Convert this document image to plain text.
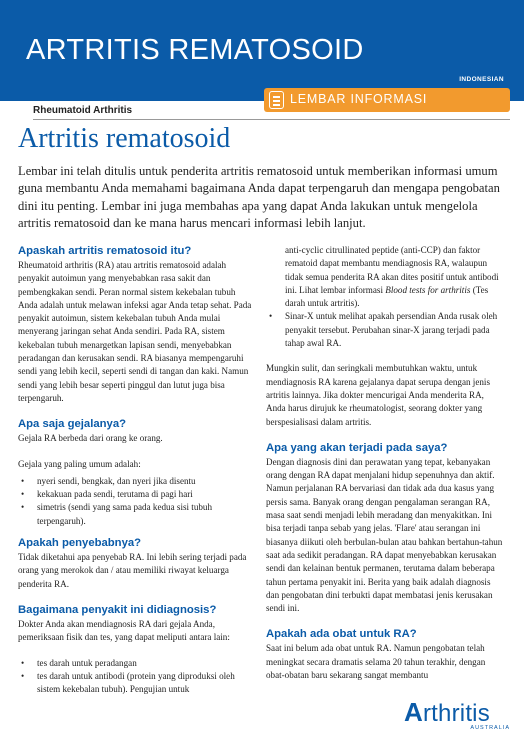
ARTRITIS REMATOSOID
INDONESIAN
LEMBAR INFORMASI
Rheumatoid Arthritis
Artritis rematosoid

Lembar ini telah ditulis untuk penderita artritis rematosoid untuk memberikan informasi umum guna membantu Anda memahami bagaimana Anda dapat terpengaruh dan mengapa pengobatan dini itu penting. Lembar ini juga membahas apa yang dapat Anda lakukan untuk mengelola artritis rematosoid dan ke mana harus mencari informasi lebih lanjut.

Apaskah artritis rematosoid itu?

Rheumatoid arthritis (RA) atau artritis rematosoid adalah penyakit autoimun yang menyebabkan rasa sakit dan pembengkakan sendi. Peran normal sistem kekebalan tubuh Anda adalah untuk melawan infeksi agar Anda tetap sehat. Pada penyakit autoimun, sistem kekebalan tubuh Anda mulai menyerang jaringan sehat Anda sendiri. Pada RA, sistem kekebalan tubuh menargetkan lapisan sendi, menyebabkan peradangan dan kerusakan sendi. RA biasanya mempengaruhi sendi yang lebih kecil, seperti sendi di tangan dan kaki. Namun sendi yang lebih besar seperti pinggul dan lutut juga bisa terpengaruh.

Apa saja gejalanya?

Gejala RA berbeda dari orang ke orang.

Gejala yang paling umum adalah:

• nyeri sendi, bengkak, dan nyeri jika disentu
• kekakuan pada sendi, terutama di pagi hari
• simetris (sendi yang sama pada kedua sisi tubuh terpengaruh).
Apakah penyebabnya?

Tidak diketahui apa penyebab RA. Ini lebih sering terjadi pada orang yang merokok dan / atau memiliki riwayat keluarga penderita RA.

Bagaimana penyakit ini didiagnosis?

Dokter Anda akan mendiagnosis RA dari gejala Anda, pemeriksaan fisik dan tes, yang dapat meliputi antara lain:

• tes darah untuk peradangan
• tes darah untuk antibodi (protein yang diproduksi oleh sistem kekebalan tubuh). Pengujian untuk

anti-cyclic citrullinated peptide (anti-CCP) dan faktor rematoid dapat membantu mendiagnosis RA, walaupun tidak semua penderita RA akan dites positif untuk antibodi ini. Lihat lembar informasi Blood tests for arthritis (Tes darah untuk artritis).

• Sinar-X untuk melihat apakah persendian Anda rusak oleh penyakit tersebut. Perubahan sinar-X jarang terjadi pada tahap awal RA.

Mungkin sulit, dan seringkali membutuhkan waktu, untuk mendiagnosis RA karena gejalanya dapat serupa dengan jenis artritis lainnya. Jika dokter mencurigai Anda menderita RA, Anda harus dirujuk ke rheumatologist, seorang dokter yang berspesialisasi dalam artritis.

Apa yang akan terjadi pada saya?

Dengan diagnosis dini dan perawatan yang tepat, kebanyakan orang dengan RA dapat menjalani hidup sepenuhnya dan aktif. Namun perjalanan RA bervariasi dan tidak ada dua kasus yang persis sama. Banyak orang dengan pengalaman serangan RA, masa saat sendi menjadi lebih meradang dan menyakitkan. Ini bisa terjadi tanpa sebab yang jelas. 'Flare' atau serangan ini biasanya diikuti oleh berbulan-bulan atau bahkan bertahun-tahun saat ada sedikit peradangan. RA dapat menyebabkan kerusakan sendi dan kelainan bentuk permanen, terutama dalam beberapa tahun pertama penyakit ini. Berita yang baik adalah diagnosis dan pengobatan dini terbukti dapat membatasi jenis kerusakan sendi ini.

Apakah ada obat untuk RA?

Saat ini belum ada obat untuk RA. Namun pengobatan telah meningkat secara dramatis selama 20 tahun terakhir, dengan obat-obatan baru sekarang sangat membantu

Arthritis
AUSTRALIA
